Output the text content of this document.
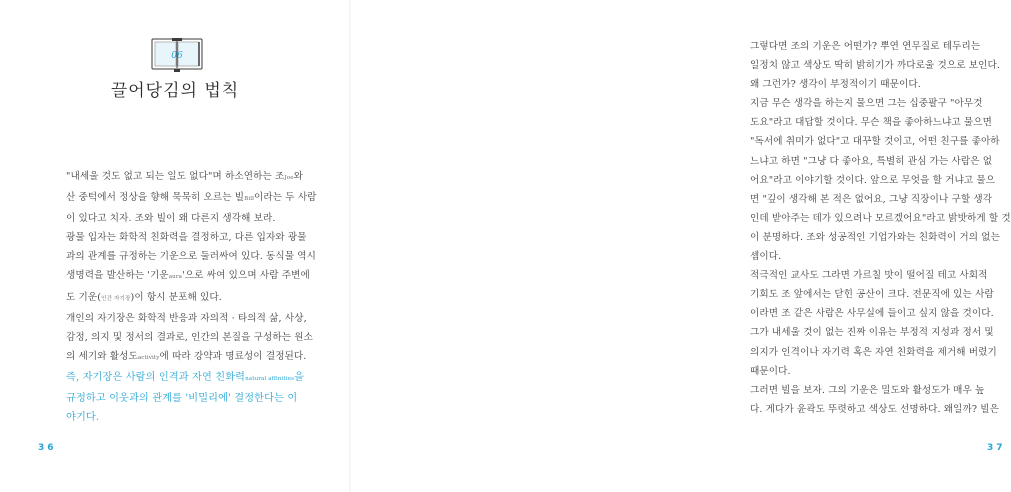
06
끌어당김의 법칙
"내세울 것도 없고 되는 일도 없다"며 하소연하는 조Joe와
산 중턱에서 정상을 향해 묵묵히 오르는 빌Bill이라는 두 사람
이 있다고 치자. 조와 빌이 왜 다른지 생각해 보라.
광물 입자는 화학적 친화력을 결정하고, 다른 입자와 광물
과의 관계를 규정하는 기운으로 둘러싸여 있다. 동식물 역시
생명력을 발산하는 '기운aura'으로 싸여 있으며 사람 주변에
도 기운(인간 자기장)이 항시 분포해 있다.
개인의 자기장은 화학적 반응과 자의적 · 타의적 삶, 사상,
감정, 의지 및 정서의 결과로, 인간의 본질을 구성하는 원소
의 세기와 활성도activity에 따라 강약과 명료성이 결정된다.
즉, 자기장은 사람의 인격과 자연 친화력natural affinities을
규정하고 이웃과의 관계를 '비밀리에' 결정한다는 이
야기다.
36
그렇다면 조의 기운은 어떤가? 뿌연 연무질로 테두리는
일정치 않고 색상도 딱히 밝히기가 까다로울 것으로 보인다.
왜 그런가? 생각이 부정적이기 때문이다.
지금 무슨 생각을 하는지 물으면 그는 십중팔구 "아무것
도요"라고 대답할 것이다. 무슨 책을 좋아하느냐고 물으면
"독서에 취미가 없다"고 대꾸할 것이고, 어떤 친구를 좋아하
느냐고 하면 "그냥 다 좋아요, 특별히 관심 가는 사람은 없
어요"라고 이야기할 것이다. 앞으로 무엇을 할 거냐고 물으
면 "깊이 생각해 본 적은 없어요, 그냥 직장이나 구할 생각
인데 받아주는 데가 있으려나 모르겠어요"라고 밝밧하게 할 것
이 분명하다. 조와 성공적인 기업가와는 친화력이 거의 없는
셈이다.
적극적인 교사도 그라면 가르칠 맛이 떨어질 테고 사회적
기회도 조 앞에서는 닫힌 공산이 크다. 전문직에 있는 사람
이라면 조 같은 사람은 사무실에 들이고 싶지 않을 것이다.
그가 내세울 것이 없는 진짜 이유는 부정적 지성과 정서 및
의지가 인격이나 자기력 혹은 자연 친화력을 제거해 버렸기
때문이다.
그러면 빌을 보자. 그의 기운은 밀도와 활성도가 매우 높
다. 게다가 윤곽도 뚜렷하고 색상도 선명하다. 왜일까? 빌은
37
